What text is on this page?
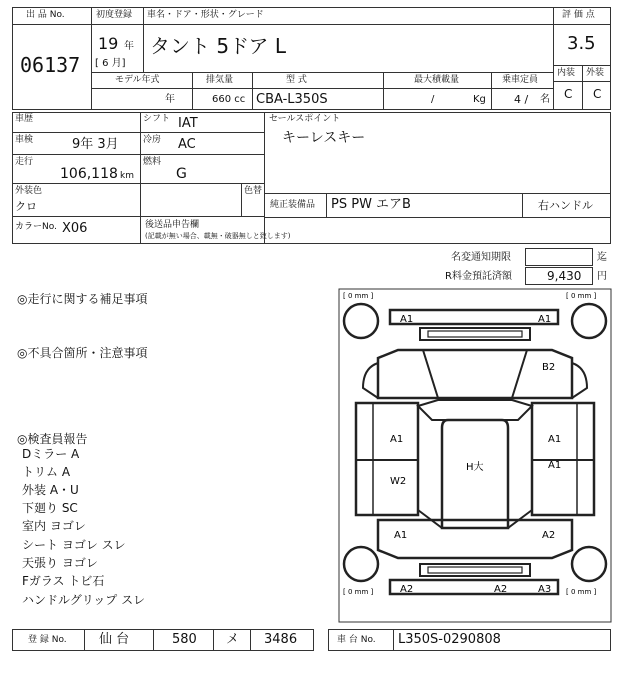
出 品 No.
06137
初度登録
19 年
[ 6 月]
車名・ドア・形状・グレード
タント 5ドア L
評 価 点
3.5
内装 外装
C C
モデル年式
年
排気量
660 cc
型 式
CBA-L350S
最大積載量
/	Kg
乗車定員
4 / 名
車歴	シフト IAT
車検	9年 3月	冷房 AC
走行
106,118 km
燃料
G
外装色
クロ
色替
カラーNo. X06	後送品申告欄
(記載が無い場合、載無・破器無しと致します)
セールスポイント
キーレスキー
純正装備品 PS PW エアB	右ハンドル
名変通知期限	迄
R料金預託済額	9,430 円
◎走行に関する補足事項
◎不具合箇所・注意事項
◎検査員報告
Dミラー A
トリム A
外装 A・U
下廻り SC
室内 ヨゴレ
シート ヨゴレ スレ
天張り ヨゴレ
Fガラス トビ石
ハンドルグリップ スレ
[ 0 mm ]	[ 0 mm ]
[ 0 mm ]	[ 0 mm ]
A1	A1
B2
A1	A1
A1
H大
W2
A1	A2
A2	A2	A3
登 録 No. 仙 台	580 メ 3486	車 台 No. L350S-0290808
